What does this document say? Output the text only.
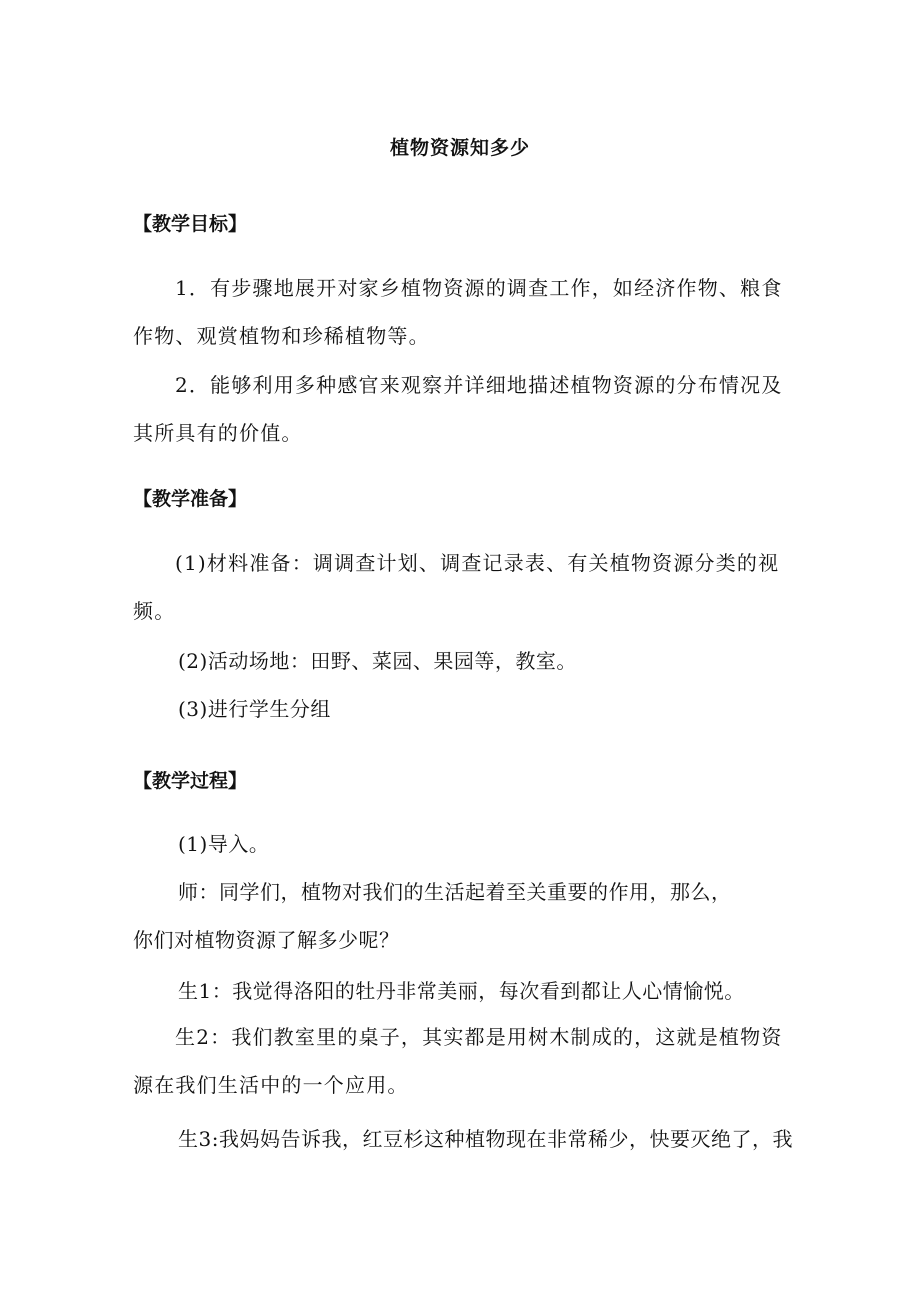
植物资源知多少
【教学目标】
1．有步骤地展开对家乡植物资源的调查工作，如经济作物、粮食作物、观赏植物和珍稀植物等。
2．能够利用多种感官来观察并详细地描述植物资源的分布情况及其所具有的价值。
【教学准备】
(1)材料准备：调调查计划、调查记录表、有关植物资源分类的视频。
(2)活动场地：田野、菜园、果园等，教室。
(3)进行学生分组
【教学过程】
(1)导入。
师：同学们，植物对我们的生活起着至关重要的作用，那么，
你们对植物资源了解多少呢？
生1：我觉得洛阳的牡丹非常美丽，每次看到都让人心情愉悦。
生2：我们教室里的桌子，其实都是用树木制成的，这就是植物资源在我们生活中的一个应用。
生3:我妈妈告诉我，红豆杉这种植物现在非常稀少，快要灭绝了，我
